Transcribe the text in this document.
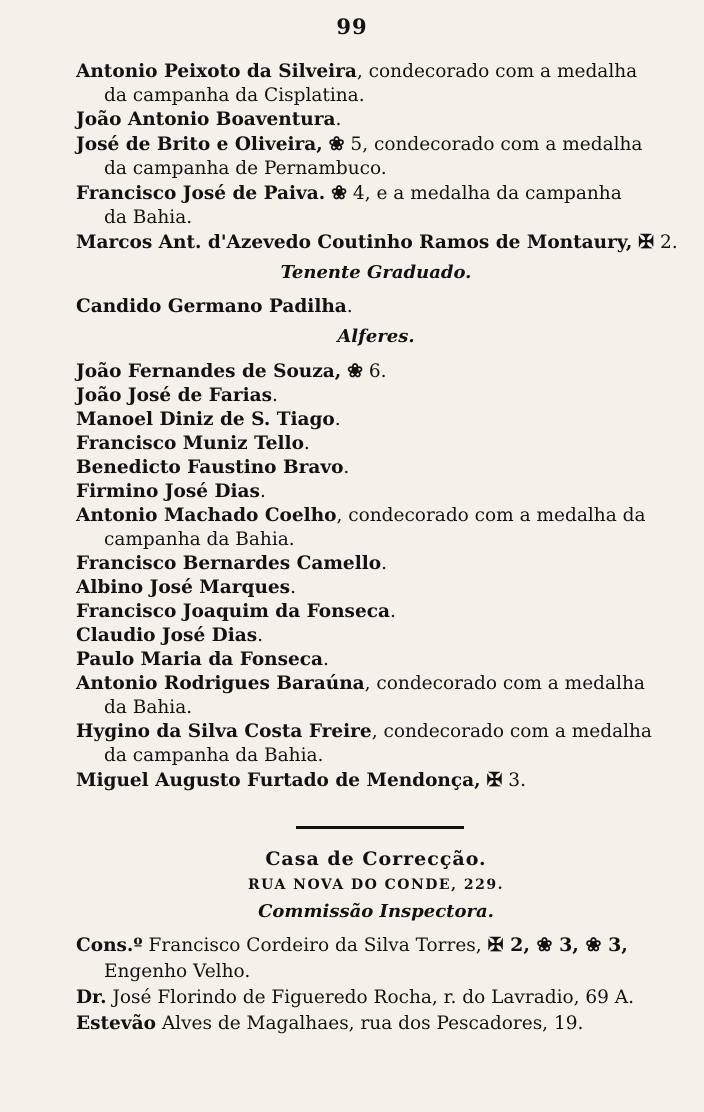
99
Antonio Peixoto da Silveira, condecorado com a medalha
da campanha da Cisplatina.
João Antonio Boaventura.
José de Brito e Oliveira, ❀ 5, condecorado com a medalha
da campanha de Pernambuco.
Francisco José de Paiva. ❀ 4, e a medalha da campanha
da Bahia.
Marcos Ant. d'Azevedo Coutinho Ramos de Montaury, ✠ 2.
Tenente Graduado.
Candido Germano Padilha.
Alferes.
João Fernandes de Souza, ❀ 6.
João José de Farias.
Manoel Diniz de S. Tiago.
Francisco Muniz Tello.
Benedicto Faustino Bravo.
Firmino José Dias.
Antonio Machado Coelho, condecorado com a medalha da
campanha da Bahia.
Francisco Bernardes Camello.
Albino José Marques.
Francisco Joaquim da Fonseca.
Claudio José Dias.
Paulo Maria da Fonseca.
Antonio Rodrigues Baraúna, condecorado com a medalha
da Bahia.
Hygino da Silva Costa Freire, condecorado com a medalha
da campanha da Bahia.
Miguel Augusto Furtado de Mendonça, ✠ 3.
Casa de Correcção.
RUA NOVA DO CONDE, 229.
Commissão Inspectora.
Cons.º Francisco Cordeiro da Silva Torres, ✠ 2, ❀ 3, ❀ 3,
Engenho Velho.
Dr. José Florindo de Figueredo Rocha, r. do Lavradio, 69 A.
Estevão Alves de Magalhaes, rua dos Pescadores, 19.
